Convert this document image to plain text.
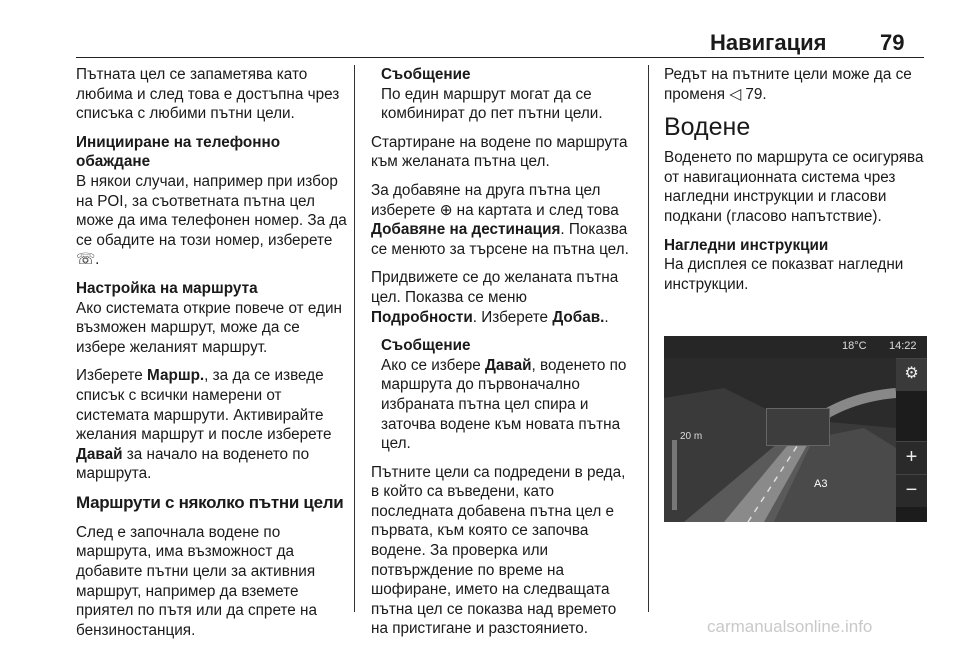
Навигация 79

Пътната цел се запаметява като любима и след това е достъпна чрез списъка с любими пътни цели.

Иницииране на телефонно обаждане

В някои случаи, например при избор на POI, за съответната пътна цел може да има телефонен номер. За да се обадите на този номер, изберете ☏.

Настройка на маршрута

Ако системата открие повече от един възможен маршрут, може да се избере желаният маршрут.

Изберете Маршр., за да се изведе списък с всички намерени от системата маршрути. Активирайте желания маршрут и после изберете Давай за начало на воденето по маршрута.

Маршрути с няколко пътни цели

След е започнала водене по маршрута, има възможност да добавите пътни цели за активния маршрут, например да вземете приятел по пътя или да спрете на бензиностанция.

Съобщение
По един маршрут могат да се комбинират до пет пътни цели.

Стартиране на водене по маршрута към желаната пътна цел.

За добавяне на друга пътна цел изберете ⊕ на картата и след това Добавяне на дестинация. Показва се менюто за търсене на пътна цел.

Придвижете се до желаната пътна цел. Показва се меню Подробности. Изберете Добав..

Съобщение
Ако се избере Давай, воденето по маршрута до първоначално избраната пътна цел спира и заточва водене към новата пътна цел.

Пътните цели са подредени в реда, в който са въведени, като последната добавена пътна цел е първата, към която се започва водене. За проверка или потвърждение по време на шофиране, името на следващата пътна цел се показва над времето на пристигане и разстоянието.

Редът на пътните цели може да се променя ◁ 79.

Водене

Воденето по маршрута се осигурява от навигационната система чрез нагледни инструкции и гласови подкани (гласово напътствие).

Нагледни инструкции

На дисплея се показват нагледни инструкции.

18°C 14:22
20 m
A3
⚙
+
−
carmanualsonline.info
